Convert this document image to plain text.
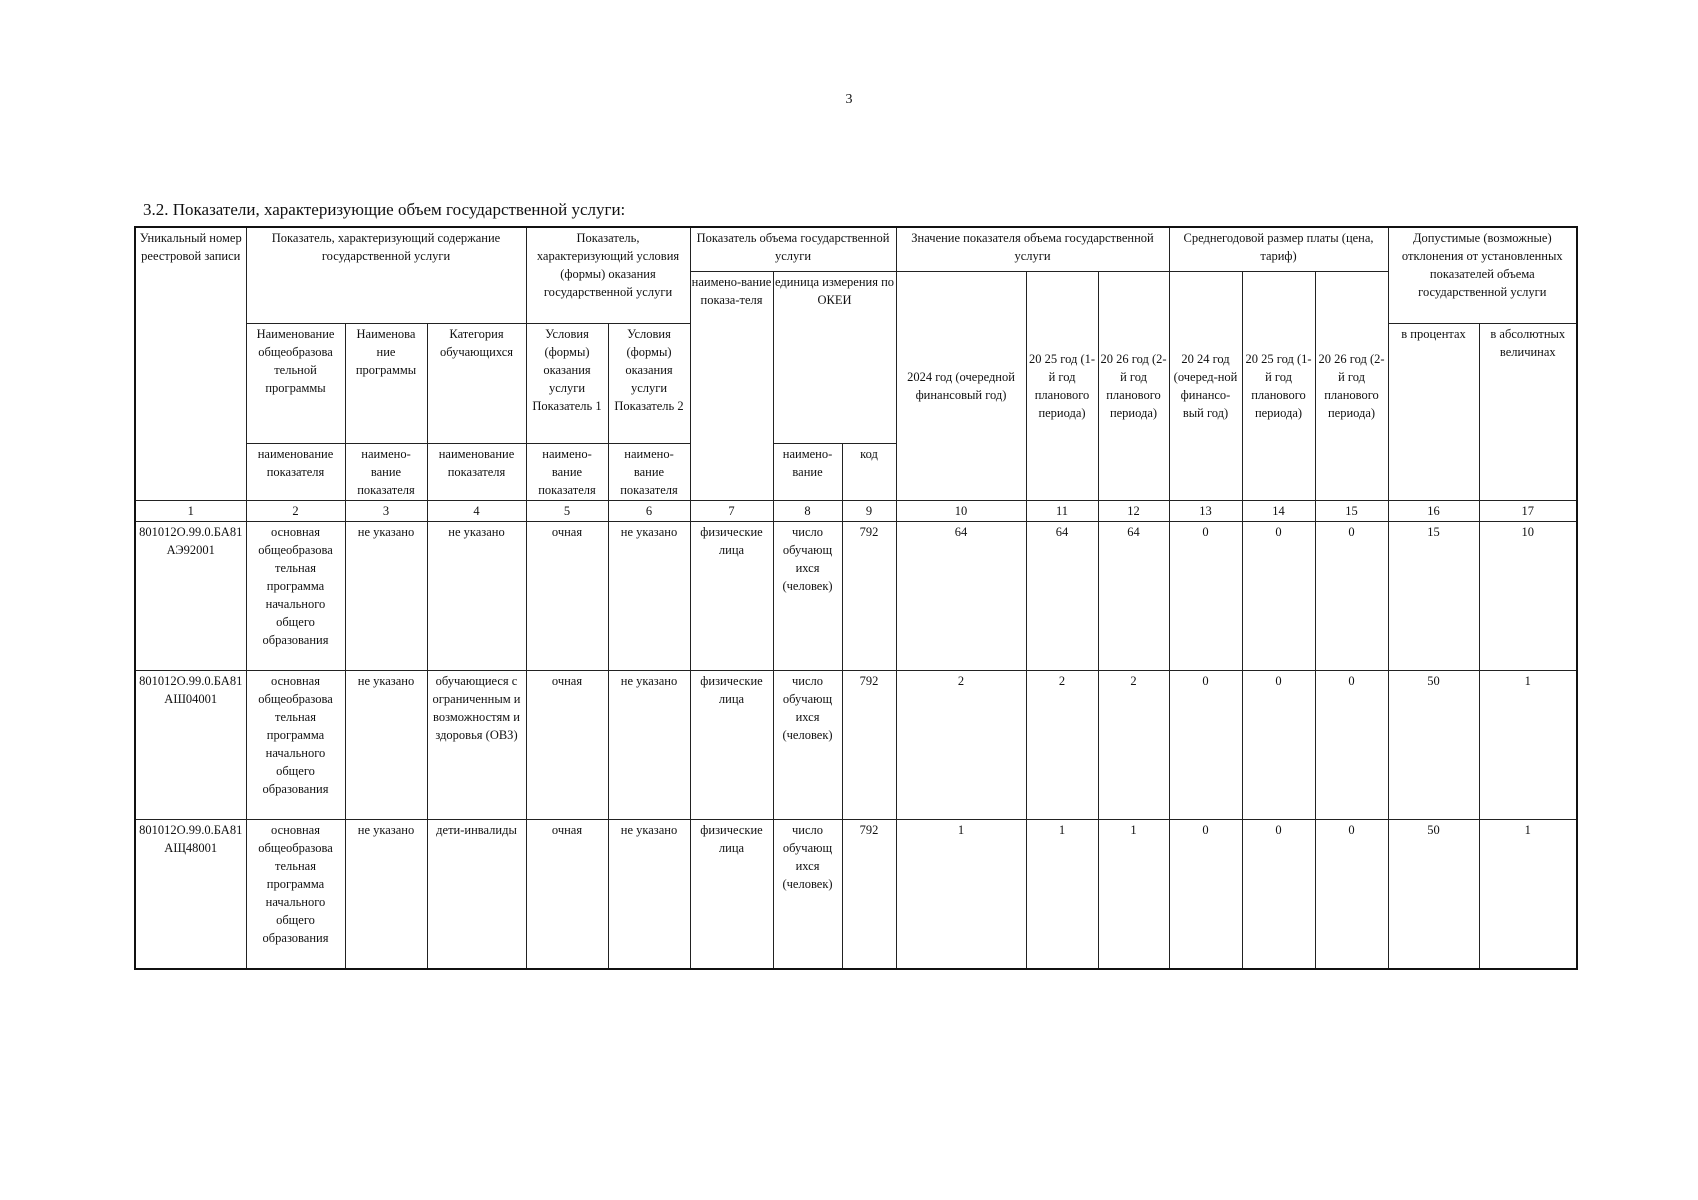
3
3.2. Показатели, характеризующие объем государственной услуги:
Уникальный номер реестровой записи	Показатель, характеризующий содержание государственной услуги			Показатель, характеризующий условия (формы) оказания государственной услуги		Показатель объема государственной услуги			Значение показателя объема государственной услуги			Среднегодовой размер платы (цена, тариф)			Допустимые (возможные) отклонения от установленных показателей объема государственной услуги	
						наимено-вание показа-теля	единица измерения по ОКЕИ		2024 год (очередной финансовый год)	20 25 год (1-й год планового периода)	20 26 год (2-й год планового периода)	20 24 год (очеред-ной финансо-вый год)	20 25 год (1-й год планового периода)	20 26 год (2-й год планового периода)		
	Наименование общеобразова тельной программы	Наименова ние программы	Категория обучающихся	Условия (формы) оказания услуги Показатель 1	Условия (формы) оказания услуги Показатель 2										в процентах	в абсолютных величинах
	наименование показателя	наимено-вание показателя	наименование показателя	наимено-вание показателя	наимено-вание показателя		наимено-вание	код								
1	2	3	4	5	6	7	8	9	10	11	12	13	14	15	16	17
801012О.99.0.БА81АЭ92001	основная общеобразова тельная программа начального общего образования	не указано	не указано	очная	не указано	физические лица	число обучающ ихся (человек)	792	64	64	64	0	0	0	15	10
801012О.99.0.БА81АШ04001	основная общеобразова тельная программа начального общего образования	не указано	обучающиеся с ограниченным и возможностям и здоровья (ОВЗ)	очная	не указано	физические лица	число обучающ ихся (человек)	792	2	2	2	0	0	0	50	1
801012О.99.0.БА81АЩ48001	основная общеобразова тельная программа начального общего образования	не указано	дети-инвалиды	очная	не указано	физические лица	число обучающ ихся (человек)	792	1	1	1	0	0	0	50	1
